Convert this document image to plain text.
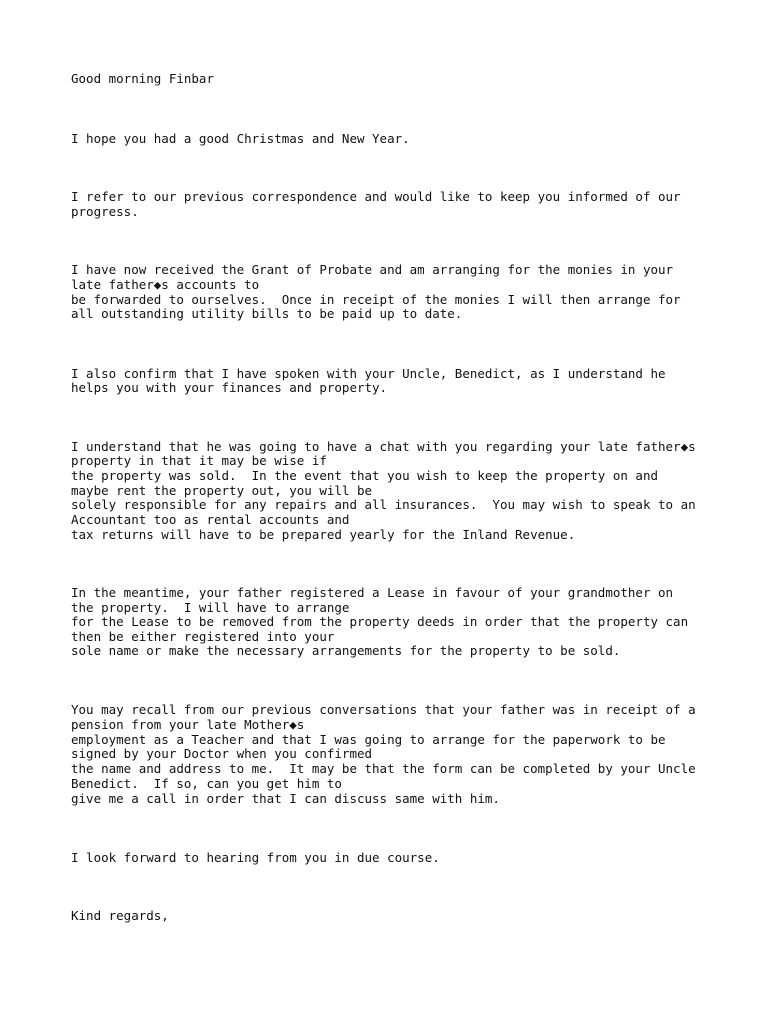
Good morning Finbar

I hope you had a good Christmas and New Year.

I refer to our previous correspondence and would like to keep you informed of our

progress.

I have now received the Grant of Probate and am arranging for the monies in your

late father◆s accounts to

be forwarded to ourselves.  Once in receipt of the monies I will then arrange for

all outstanding utility bills to be paid up to date.

I also confirm that I have spoken with your Uncle, Benedict, as I understand he

helps you with your finances and property.

I understand that he was going to have a chat with you regarding your late father◆s

property in that it may be wise if

the property was sold.  In the event that you wish to keep the property on and

maybe rent the property out, you will be

solely responsible for any repairs and all insurances.  You may wish to speak to an

Accountant too as rental accounts and

tax returns will have to be prepared yearly for the Inland Revenue.

In the meantime, your father registered a Lease in favour of your grandmother on

the property.  I will have to arrange

for the Lease to be removed from the property deeds in order that the property can

then be either registered into your

sole name or make the necessary arrangements for the property to be sold.

You may recall from our previous conversations that your father was in receipt of a

pension from your late Mother◆s

employment as a Teacher and that I was going to arrange for the paperwork to be

signed by your Doctor when you confirmed

the name and address to me.  It may be that the form can be completed by your Uncle

Benedict.  If so, can you get him to

give me a call in order that I can discuss same with him.

I look forward to hearing from you in due course.

Kind regards,
